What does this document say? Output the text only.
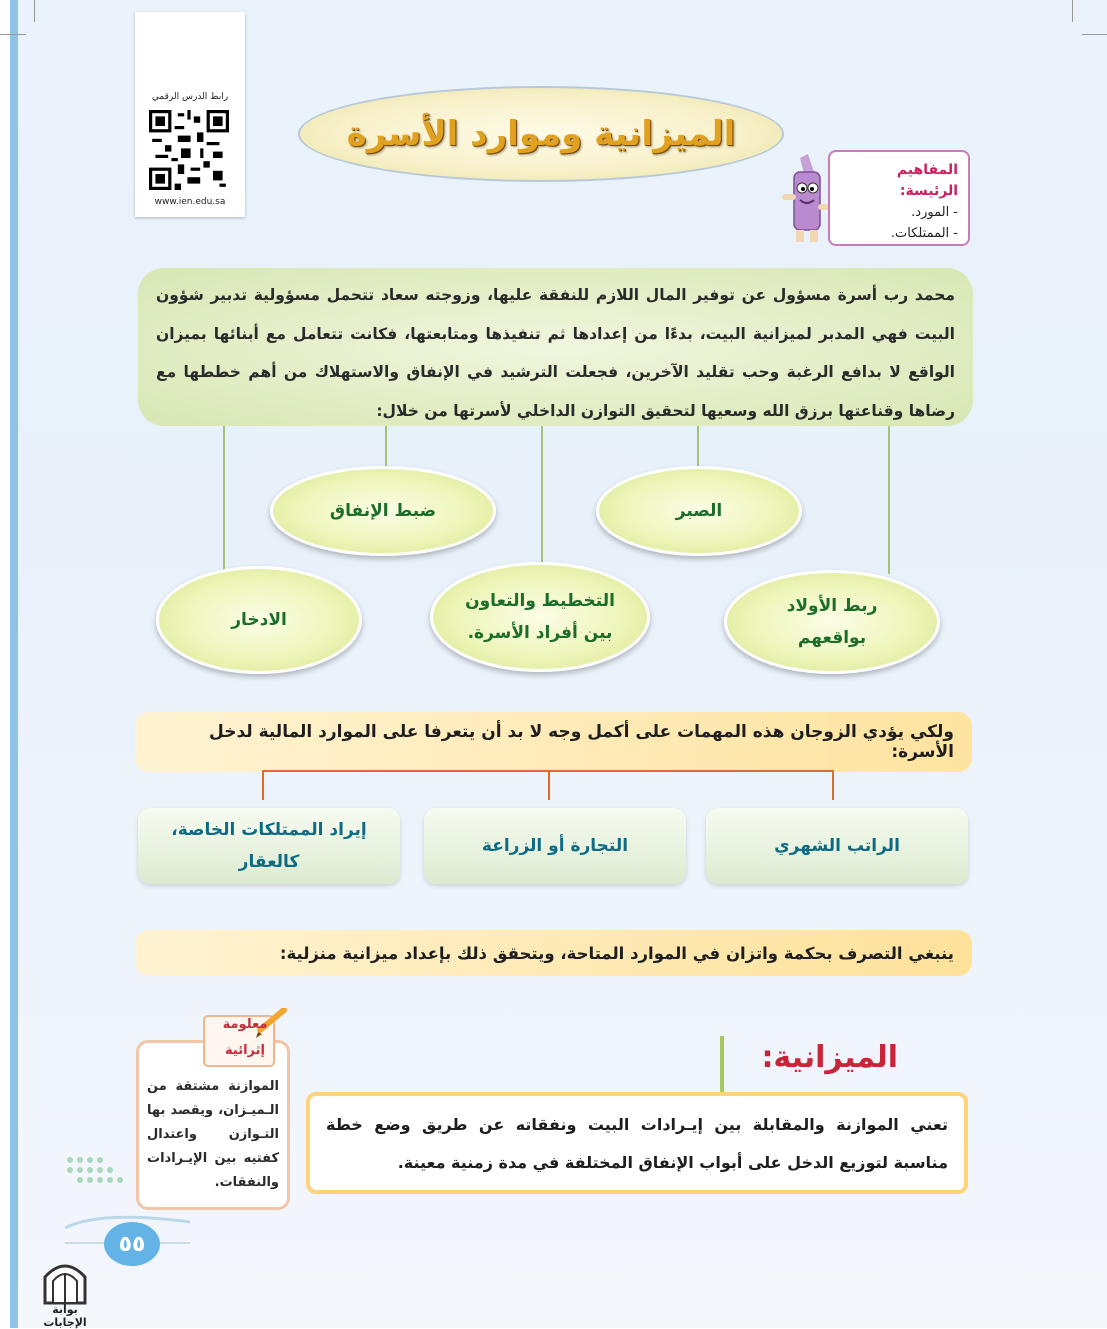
رابط الدرس الرقمي
www.ien.edu.sa
الميزانية وموارد الأسرة
المفاهيم الرئيسة:
- المورد.
- الممتلكات.
محمد رب أسرة مسؤول عن توفير المال اللازم للنفقة عليها، وزوجته سعاد تتحمل مسؤولية تدبير شؤون البيت فهي المدبر لميزانية البيت، بدءًا من إعدادها ثم تنفيذها ومتابعتها، فكانت تتعامل مع أبنائها بميزان الواقع لا بدافع الرغبة وحب تقليد الآخرين، فجعلت الترشيد في الإنفاق والاستهلاك من أهم خططها مع رضاها وقناعتها برزق الله وسعيها لتحقيق التوازن الداخلي لأسرتها من خلال:
الصبر
ضبط الإنفاق
ربط الأولاد
بواقعهم
التخطيط والتعاون
بين أفراد الأسرة.
الادخار
ولكي يؤدي الزوجان هذه المهمات على أكمل وجه لا بد أن يتعرفا على الموارد المالية لدخل الأسرة:
الراتب الشهري
التجارة أو الزراعة
إيراد الممتلكات الخاصة،
كالعقار
ينبغي التصرف بحكمة واتزان في الموارد المتاحة، ويتحقق ذلك بإعداد ميزانية منزلية:
الموازنة مشتقة من الـميـزان، ويقصد بها التـوازن واعتدال كفتيه بين الإيـرادات والنفقات.
معلومة
إثرائية	الميزانية:
تعني الموازنة والمقابلة بين إيـرادات البيت ونفقاته عن طريق وضع خطة مناسبة لتوزيع الدخل على أبواب الإنفاق المختلفة في مدة زمنية معينة.
٥٥
بوابة الإجابات
